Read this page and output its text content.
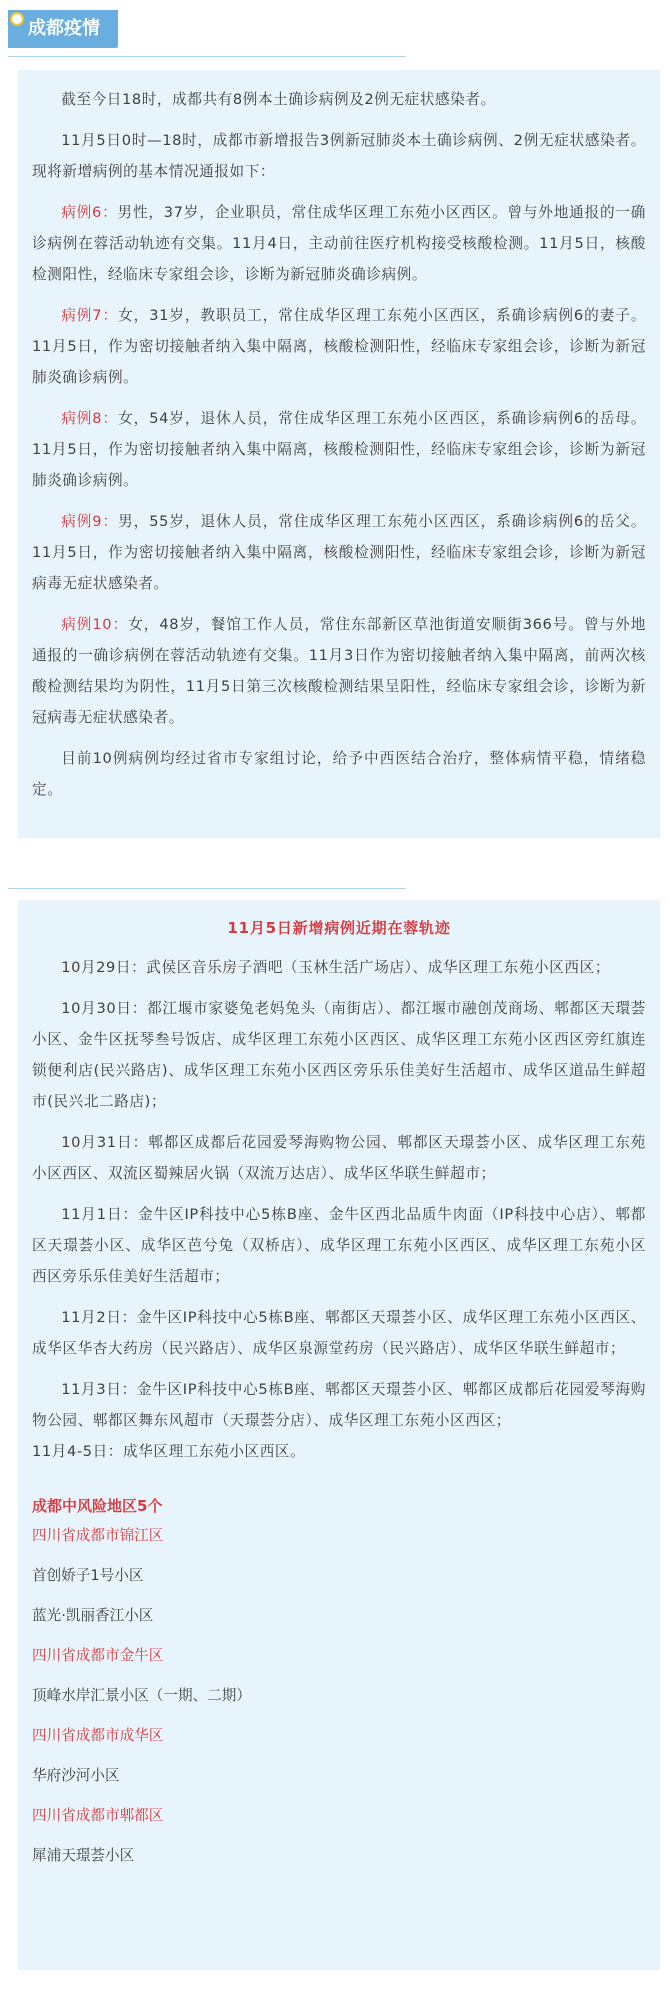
成都疫情

截至今日18时，成都共有8例本土确诊病例及2例无症状感染者。

11月5日0时—18时，成都市新增报告3例新冠肺炎本土确诊病例、2例无症状感染者。现将新增病例的基本情况通报如下：

病例6：男性，37岁，企业职员，常住成华区理工东苑小区西区。曾与外地通报的一确诊病例在蓉活动轨迹有交集。11月4日，主动前往医疗机构接受核酸检测。11月5日，核酸检测阳性，经临床专家组会诊，诊断为新冠肺炎确诊病例。

病例7：女，31岁，教职员工，常住成华区理工东苑小区西区，系确诊病例6的妻子。11月5日，作为密切接触者纳入集中隔离，核酸检测阳性，经临床专家组会诊，诊断为新冠肺炎确诊病例。

病例8：女，54岁，退休人员，常住成华区理工东苑小区西区，系确诊病例6的岳母。11月5日，作为密切接触者纳入集中隔离，核酸检测阳性，经临床专家组会诊，诊断为新冠肺炎确诊病例。

病例9：男，55岁，退休人员，常住成华区理工东苑小区西区，系确诊病例6的岳父。11月5日，作为密切接触者纳入集中隔离，核酸检测阳性，经临床专家组会诊，诊断为新冠病毒无症状感染者。

病例10：女，48岁，餐馆工作人员，常住东部新区草池街道安顺街366号。曾与外地通报的一确诊病例在蓉活动轨迹有交集。11月3日作为密切接触者纳入集中隔离，前两次核酸检测结果均为阴性，11月5日第三次核酸检测结果呈阳性，经临床专家组会诊，诊断为新冠病毒无症状感染者。

目前10例病例均经过省市专家组讨论，给予中西医结合治疗，整体病情平稳，情绪稳定。

11月5日新增病例近期在蓉轨迹

10月29日：武侯区音乐房子酒吧（玉林生活广场店）、成华区理工东苑小区西区；

10月30日：都江堰市家婆兔老妈兔头（南街店）、都江堰市融创茂商场、郫都区天環荟小区、金牛区抚琴叁号饭店、成华区理工东苑小区西区、成华区理工东苑小区西区旁红旗连锁便利店(民兴路店)、成华区理工东苑小区西区旁乐乐佳美好生活超市、成华区道品生鲜超市(民兴北二路店)；

10月31日：郫都区成都后花园爱琴海购物公园、郫都区天璟荟小区、成华区理工东苑小区西区、双流区蜀辣居火锅（双流万达店）、成华区华联生鲜超市；

11月1日：金牛区IP科技中心5栋B座、金牛区西北品质牛肉面（IP科技中心店）、郫都区天璟荟小区、成华区芭兮兔（双桥店）、成华区理工东苑小区西区、成华区理工东苑小区西区旁乐乐佳美好生活超市；

11月2日：金牛区IP科技中心5栋B座、郫都区天璟荟小区、成华区理工东苑小区西区、成华区华杏大药房（民兴路店）、成华区泉源堂药房（民兴路店）、成华区华联生鲜超市；

11月3日：金牛区IP科技中心5栋B座、郫都区天璟荟小区、郫都区成都后花园爱琴海购物公园、郫都区舞东风超市（天璟荟分店）、成华区理工东苑小区西区；

11月4-5日：成华区理工东苑小区西区。

成都中风险地区5个
四川省成都市锦江区
首创娇子1号小区
蓝光·凯丽香江小区
四川省成都市金牛区
顶峰水岸汇景小区（一期、二期）
四川省成都市成华区
华府沙河小区
四川省成都市郫都区
犀浦天璟荟小区
